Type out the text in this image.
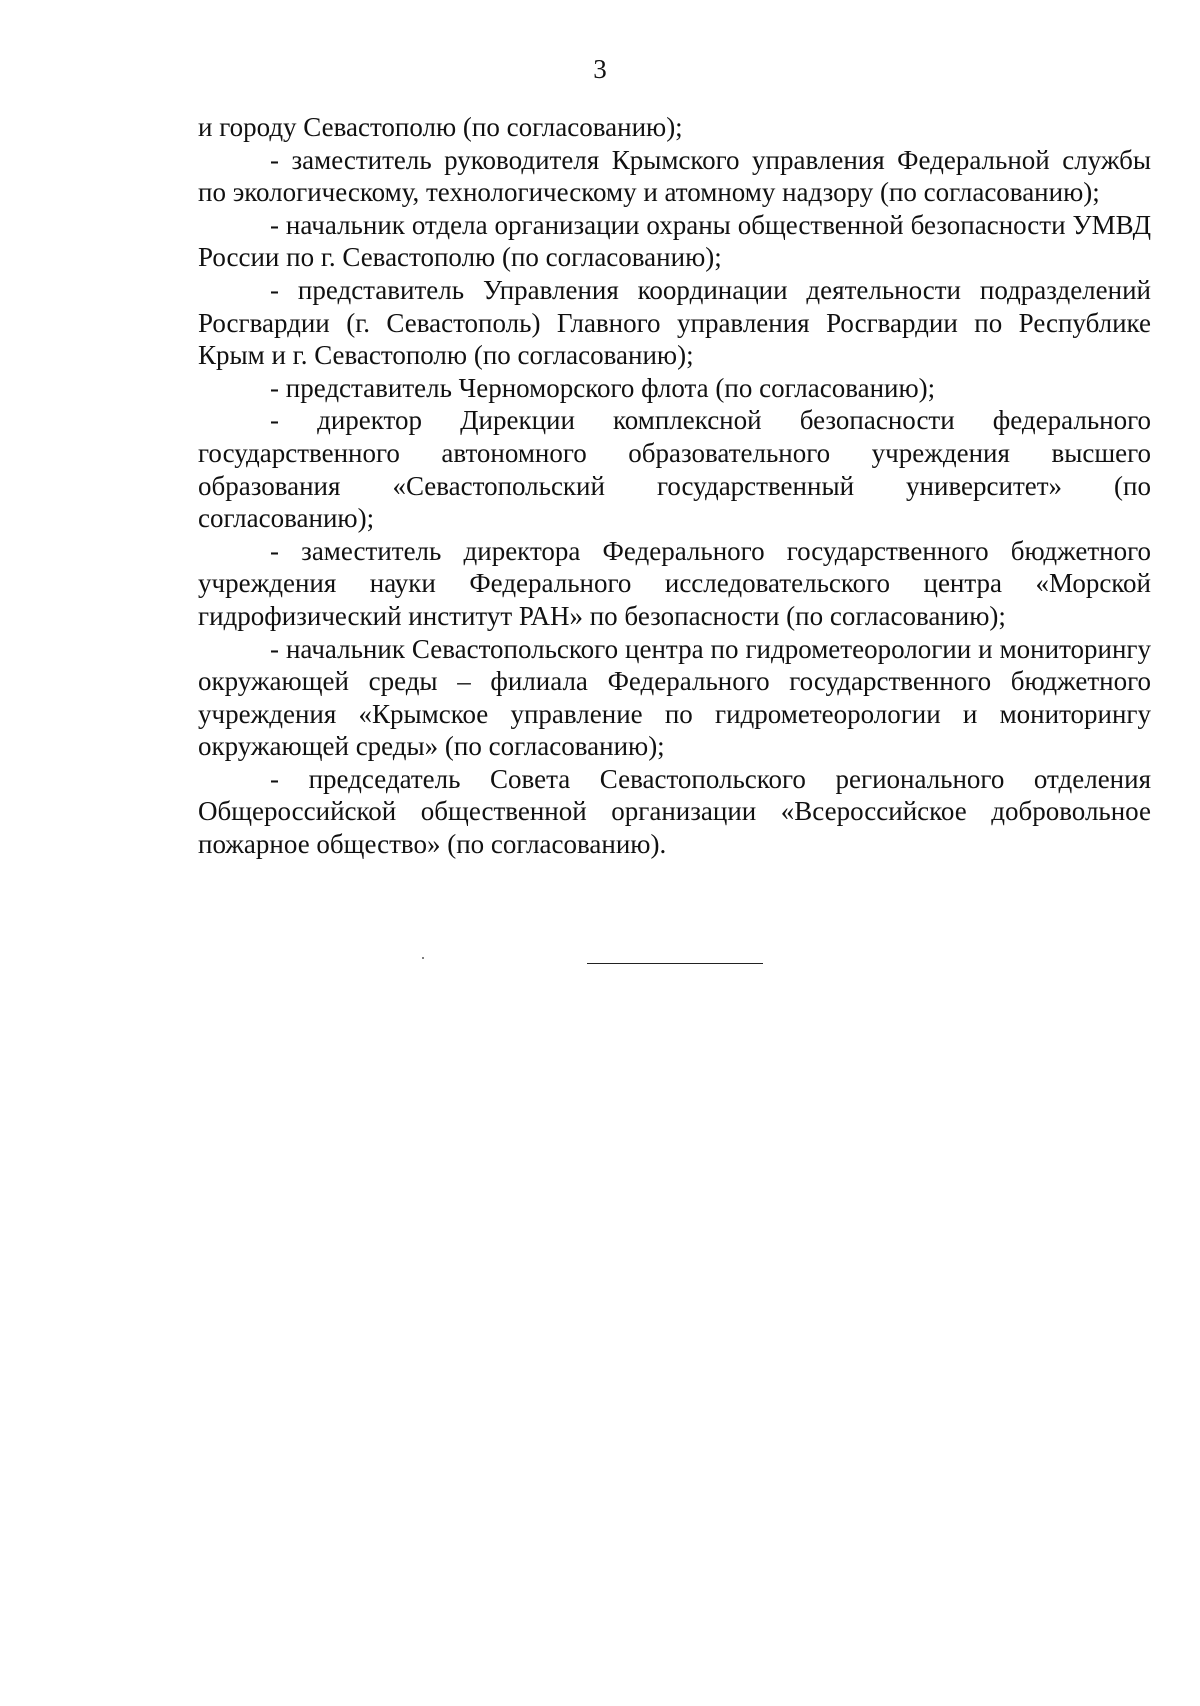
3

и городу Севастополю (по согласованию);

- заместитель руководителя Крымского управления Федеральной службы по экологическому, технологическому и атомному надзору (по согласованию);

- начальник отдела организации охраны общественной безопасности УМВД России по г. Севастополю (по согласованию);

- представитель Управления координации деятельности подразделений Росгвардии (г. Севастополь) Главного управления Росгвардии по Республике Крым и г. Севастополю (по согласованию);

- представитель Черноморского флота (по согласованию);

- директор Дирекции комплексной безопасности федерального государственного автономного образовательного учреждения высшего образования «Севастопольский государственный университет» (по согласованию);

- заместитель директора Федерального государственного бюджетного учреждения науки Федерального исследовательского центра «Морской гидрофизический институт РАН» по безопасности (по согласованию);

- начальник Севастопольского центра по гидрометеорологии и мониторингу окружающей среды – филиала Федерального государственного бюджетного учреждения «Крымское управление по гидрометеорологии и мониторингу окружающей среды» (по согласованию);

- председатель Совета Севастопольского регионального отделения Общероссийской общественной организации «Всероссийское добровольное пожарное общество» (по согласованию).
